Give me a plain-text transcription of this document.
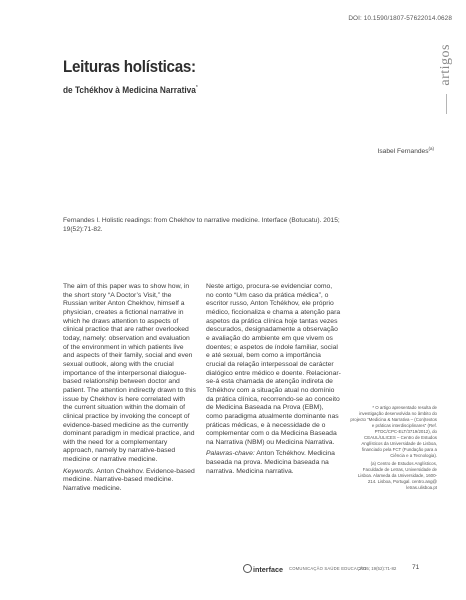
DOI: 10.1590/1807-57622014.0628
artigos
Leituras holísticas:
de Tchékhov à Medicina Narrativa*
Isabel Fernandes$^{(a)}$
Fernandes I. Holistic readings: from Chekhov to narrative medicine. Interface (Botucatu). 2015; 19(52):71-82.

The aim of this paper was to show how, in the short story “A Doctor’s Visit,” the Russian writer Anton Chekhov, himself a physician, creates a fictional narrative in which he draws attention to aspects of clinical practice that are rather overlooked today, namely: observation and evaluation of the environment in which patients live and aspects of their family, social and even sexual outlook, along with the crucial importance of the interpersonal dialogue-based relationship between doctor and patient. The attention indirectly drawn to this issue by Chekhov is here correlated with the current situation within the domain of clinical practice by invoking the concept of evidence-based medicine as the currently dominant paradigm in medical practice, and with the need for a complementary approach, namely by narrative-based medicine or narrative medicine.

Keywords. Anton Chekhov. Evidence-based medicine. Narrative-based medicine. Narrative medicine.

Neste artigo, procura-se evidenciar como, no conto “Um caso da prática médica”, o escritor russo, Anton Tchékhov, ele próprio médico, ficcionaliza e chama a atenção para aspetos da prática clínica hoje tantas vezes descurados, designadamente a observação e avaliação do ambiente em que vivem os doentes; e aspetos de índole familiar, social e até sexual, bem como a importância crucial da relação interpessoal de carácter dialógico entre médico e doente. Relacionar-se-á esta chamada de atenção indireta de Tchékhov com a situação atual no domínio da prática clínica, recorrendo-se ao conceito de Medicina Baseada na Prova (EBM), como paradigma atualmente dominante nas práticas médicas, e à necessidade de o complementar com o da Medicina Baseada na Narrativa (NBM) ou Medicina Narrativa.

Palavras-chave: Anton Tchékhov. Medicina baseada na prova. Medicina baseada na narrativa. Medicina narrativa.

* O artigo apresentado resulta de investigação desenvolvida no âmbito do projecto “Medicina & Narrativa – (Con)textos e práticas interdisciplinares” (Ref. PTDC/CPC-ELT/3719/2012), do CEAUL/ULICES – Centro de Estudos Anglísticos da Universidade de Lisboa, financiado pela FCT (Fundação para a Ciência e a Tecnologia).

(a) Centro de Estudos Anglísticos, Faculdade de Letras, Universidade de Lisboa. Alameda da Universidade, 1600-214. Lisboa, Portugal. centro.ang@ letras.ulisboa.pt

interface COMUNICAÇÃO SAÚDE EDUCAÇÃO
2015; 19(52):71-82 71
